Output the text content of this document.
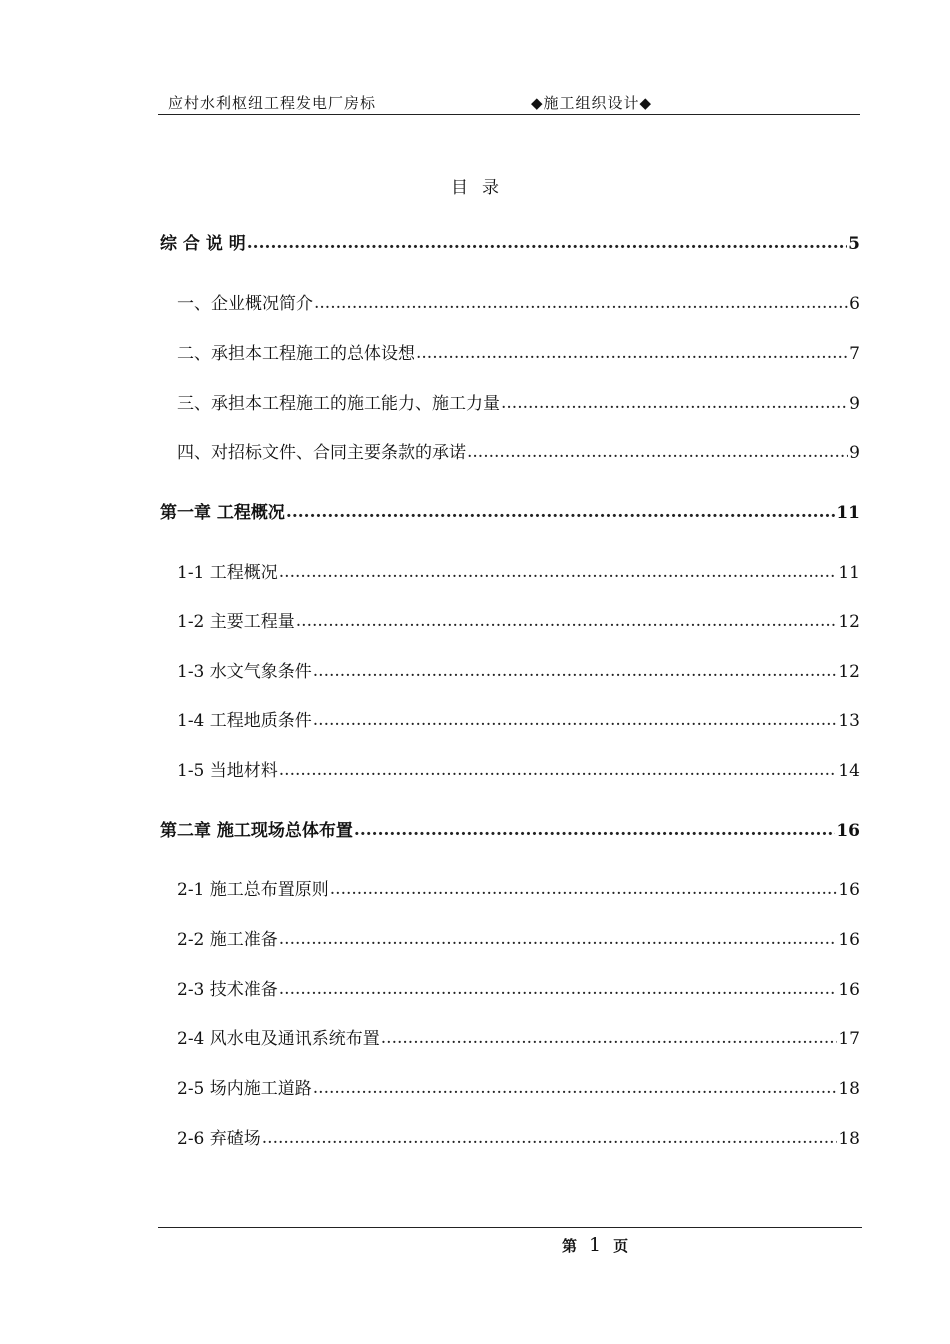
应村水利枢纽工程发电厂房标	◆施工组织设计◆
目录
综 合 说 明 .....	5
一、企业概况简介 .....	6
二、承担本工程施工的总体设想 .....	7
三、承担本工程施工的施工能力、施工力量 .....	9
四、对招标文件、合同主要条款的承诺 .....	9
第一章 工程概况 .....	11
1-1 工程概况 .....	11
1-2 主要工程量 .....	12
1-3 水文气象条件 .....	12
1-4 工程地质条件 .....	13
1-5 当地材料 .....	14
第二章 施工现场总体布置 .....	16
2-1 施工总布置原则 .....	16
2-2 施工准备 .....	16
2-3 技术准备 .....	16
2-4 风水电及通讯系统布置 .....	17
2-5 场内施工道路 .....	18
2-6 弃碴场 .....	18
第 1 页
